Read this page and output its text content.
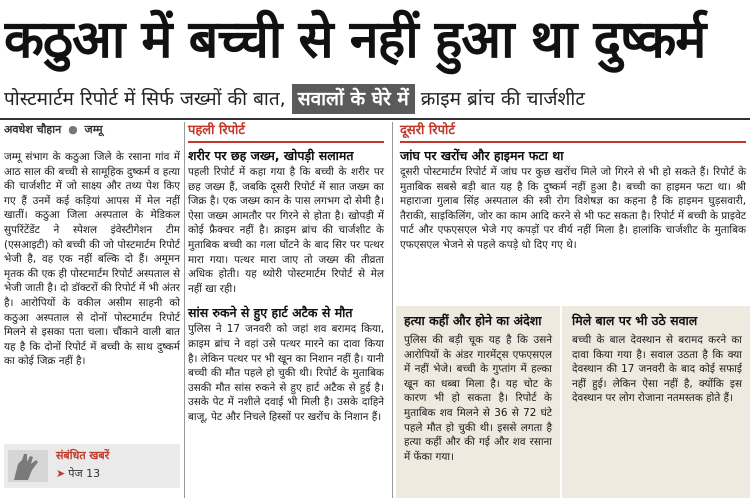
कठुआ में बच्ची से नहीं हुआ था दुष्कर्म
पोस्टमार्टम रिपोर्ट में सिर्फ जख्मों की बात, सवालों के घेरे में क्राइम ब्रांच की चार्जशीट
अवधेश चौहान ● जम्मू

जम्मू संभाग के कठुआ जिले के रसाना गांव में आठ साल की बच्ची से सामूहिक दुष्कर्म व हत्या की चार्जशीट में जो साक्ष्य और तथ्य पेश किए गए हैं उनमें कई कड़ियां आपस में मेल नहीं खातीं। कठुआ जिला अस्पताल के मेडिकल सुपरिंटेंडेंट ने स्पेशल इंवेस्टीगेशन टीम (एसआइटी) को बच्ची की जो पोस्टमार्टम रिपोर्ट भेजी है, वह एक नहीं बल्कि दो हैं। अमूमन मृतक की एक ही पोस्टमार्टम रिपोर्ट अस्पताल से भेजी जाती है। दो डॉक्टरों की रिपोर्ट में भी अंतर है। आरोपियों के वकील असीम साहनी को कठुआ अस्पताल से दोनों पोस्टमार्टम रिपोर्ट मिलने से इसका पता चला। चौंकाने वाली बात यह है कि दोनों रिपोर्ट में बच्ची के साथ दुष्कर्म का कोई जिक्र नहीं है।

संबंधित खबरें
➤ पेज 13
पहली रिपोर्ट
शरीर पर छह जख्म, खोपड़ी सलामत

पहली रिपोर्ट में कहा गया है कि बच्ची के शरीर पर छह जख्म हैं, जबकि दूसरी रिपोर्ट में सात जख्म का जिक्र है। एक जख्म कान के पास लगभग दो सेमी है। ऐसा जख्म आमतौर पर गिरने से होता है। खोपड़ी में कोई फ्रैक्चर नहीं है। क्राइम ब्रांच की चार्जशीट के मुताबिक बच्ची का गला घोंटने के बाद सिर पर पत्थर मारा गया। पत्थर मारा जाए तो जख्म की तीव्रता अधिक होती। यह थ्योरी पोस्टमार्टम रिपोर्ट से मेल नहीं खा रही।

सांस रुकने से हुए हार्ट अटैक से मौत

पुलिस ने 17 जनवरी को जहां शव बरामद किया, क्राइम ब्रांच ने वहां उसे पत्थर मारने का दावा किया है। लेकिन पत्थर पर भी खून का निशान नहीं है। यानी बच्ची की मौत पहले हो चुकी थी। रिपोर्ट के मुताबिक उसकी मौत सांस रुकने से हुए हार्ट अटैक से हुई है। उसके पेट में नशीले दवाई भी मिली है। उसके दाहिने बाजू, पेट और निचले हिस्सों पर खरोंच के निशान हैं।

दूसरी रिपोर्ट
जांघ पर खरोंच और हाइमन फटा था

दूसरी पोस्टमार्टम रिपोर्ट में जांघ पर कुछ खरोंच मिले जो गिरने से भी हो सकते हैं। रिपोर्ट के मुताबिक सबसे बड़ी बात यह है कि दुष्कर्म नहीं हुआ है। बच्ची का हाइमन फटा था। श्री महाराजा गुलाब सिंह अस्पताल की स्त्री रोग विशेषज्ञ का कहना है कि हाइमन घुड़सवारी, तैराकी, साइकिलिंग, जोर का काम आदि करने से भी फट सकता है। रिपोर्ट में बच्ची के प्राइवेट पार्ट और एफएसएल भेजे गए कपड़ों पर वीर्य नहीं मिला है। हालांकि चार्जशीट के मुताबिक एफएसएल भेजने से पहले कपड़े धो दिए गए थे।

हत्या कहीं और होने का अंदेशा

पुलिस की बड़ी चूक यह है कि उसने आरोपियों के अंडर गारमेंट्स एफएसएल में नहीं भेजे। बच्ची के गुप्तांग में हल्का खून का धब्बा मिला है। यह चोट के कारण भी हो सकता है। रिपोर्ट के मुताबिक शव मिलने से 36 से 72 घंटे पहले मौत हो चुकी थी। इससे लगता है हत्या कहीं और की गई और शव रसाना में फेंका गया।

मिले बाल पर भी उठे सवाल

बच्ची के बाल देवस्थान से बरामद करने का दावा किया गया है। सवाल उठता है कि क्या देवस्थान की 17 जनवरी के बाद कोई सफाई नहीं हुई। लेकिन ऐसा नहीं है, क्योंकि इस देवस्थान पर लोग रोजाना नतमस्तक होते हैं।
